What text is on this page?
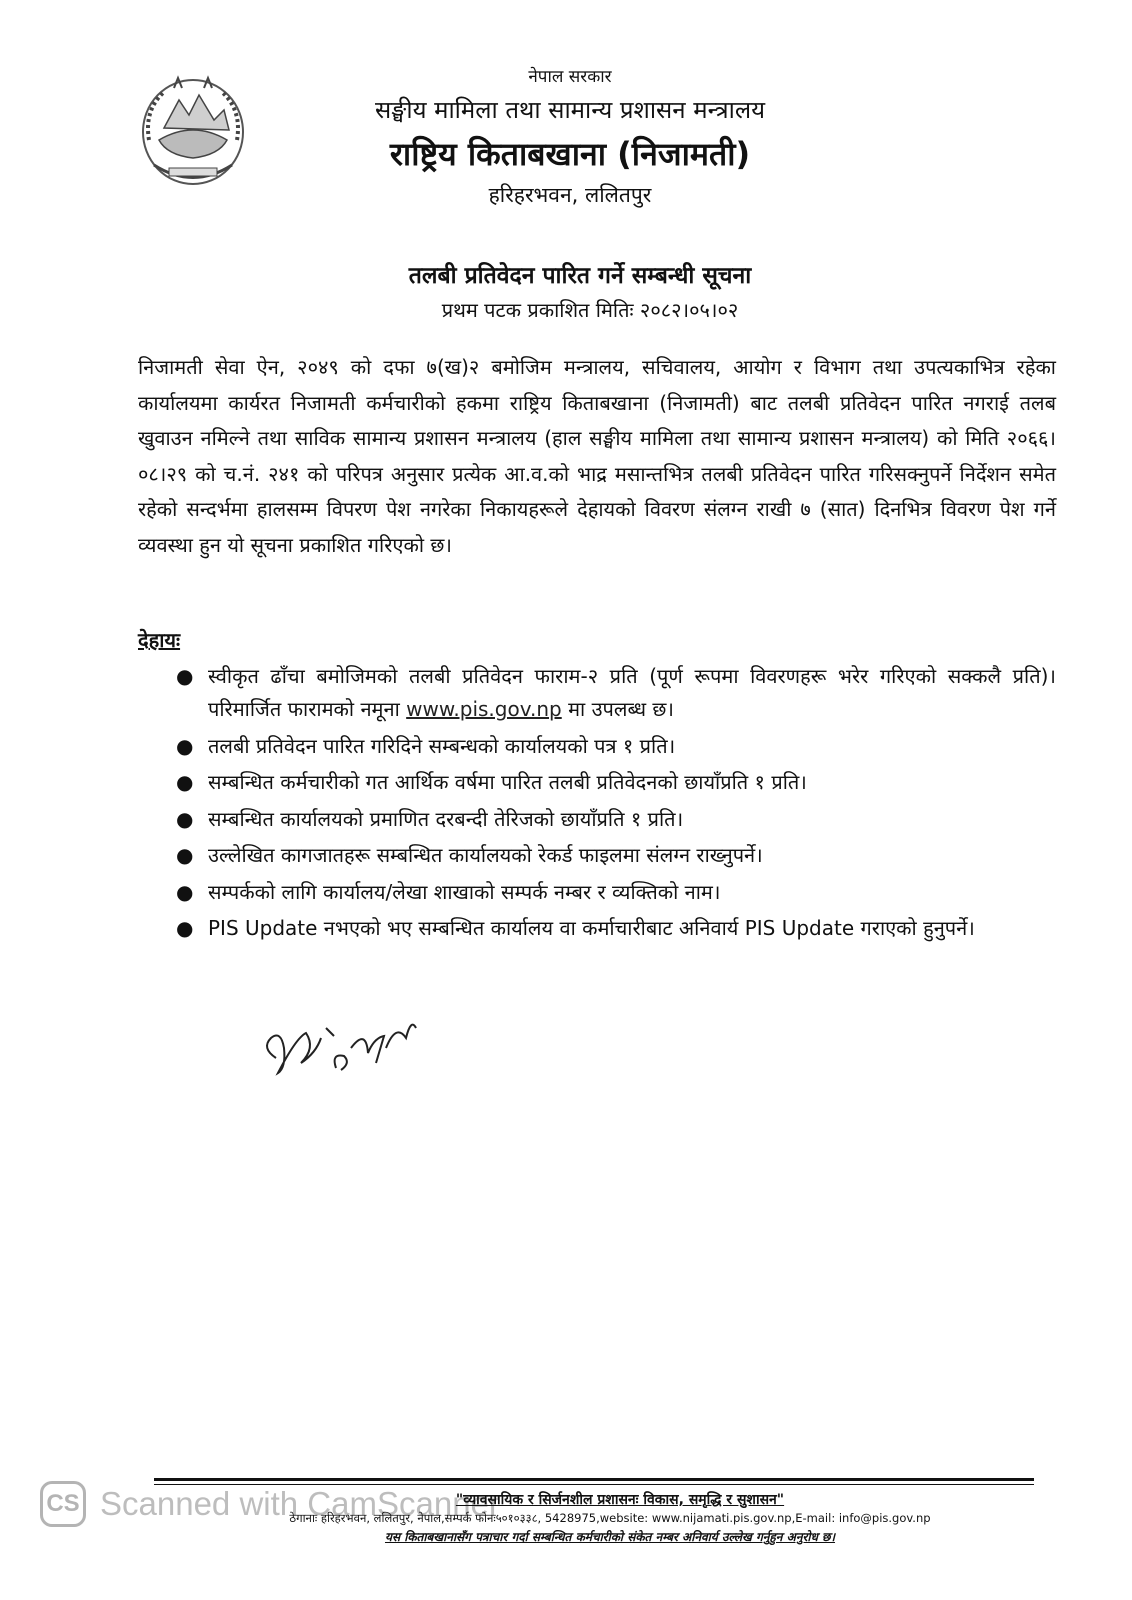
नेपाल सरकार
सङ्घीय मामिला तथा सामान्य प्रशासन मन्त्रालय
राष्ट्रिय किताबखाना (निजामती)
हरिहरभवन, ललितपुर
तलबी प्रतिवेदन पारित गर्ने सम्बन्धी सूचना
प्रथम पटक प्रकाशित मितिः २०८२।०५।०२
निजामती सेवा ऐन, २०४९ को दफा ७(ख)२ बमोजिम मन्त्रालय, सचिवालय, आयोग र विभाग तथा उपत्यकाभित्र रहेका कार्यालयमा कार्यरत निजामती कर्मचारीको हकमा राष्ट्रिय किताबखाना (निजामती) बाट तलबी प्रतिवेदन पारित नगराई तलब खुवाउन नमिल्ने तथा साविक सामान्य प्रशासन मन्त्रालय (हाल सङ्घीय मामिला तथा सामान्य प्रशासन मन्त्रालय) को मिति २०६६।०८।२९ को च.नं. २४१ को परिपत्र अनुसार प्रत्येक आ.व.को भाद्र मसान्तभित्र तलबी प्रतिवेदन पारित गरिसक्नुपर्ने निर्देशन समेत रहेको सन्दर्भमा हालसम्म विपरण पेश नगरेका निकायहरूले देहायको विवरण संलग्न राखी ७ (सात) दिनभित्र विवरण पेश गर्ने व्यवस्था हुन यो सूचना प्रकाशित गरिएको छ।
देहायः
● स्वीकृत ढाँचा बमोजिमको तलबी प्रतिवेदन फाराम-२ प्रति (पूर्ण रूपमा विवरणहरू भरेर गरिएको सक्कलै प्रति)। परिमार्जित फारामको नमूना www.pis.gov.np मा उपलब्ध छ।
● तलबी प्रतिवेदन पारित गरिदिने सम्बन्धको कार्यालयको पत्र १ प्रति।
● सम्बन्धित कर्मचारीको गत आर्थिक वर्षमा पारित तलबी प्रतिवेदनको छायाँप्रति १ प्रति।
● सम्बन्धित कार्यालयको प्रमाणित दरबन्दी तेरिजको छायाँप्रति १ प्रति।
● उल्लेखित कागजातहरू सम्बन्धित कार्यालयको रेकर्ड फाइलमा संलग्न राख्नुपर्ने।
● सम्पर्कको लागि कार्यालय/लेखा शाखाको सम्पर्क नम्बर र व्यक्तिको नाम।
● PIS Update नभएको भए सम्बन्धित कार्यालय वा कर्माचारीबाट अनिवार्य PIS Update गराएको हुनुपर्ने।
CS Scanned with CamScanner
"व्यावसायिक र सिर्जनशील प्रशासनः विकास, समृद्धि र सुशासन"
ठेगानाः हरिहरभवन, ललितपुर, नेपाल,सम्पर्क फोनः५०१०३३८, 5428975,website: www.nijamati.pis.gov.np,E-mail: info@pis.gov.np
यस किताबखानासँग पत्राचार गर्दा सम्बन्धित कर्मचारीको संकेत नम्बर अनिवार्य उल्लेख गर्नुहुन अनुरोध छ।
